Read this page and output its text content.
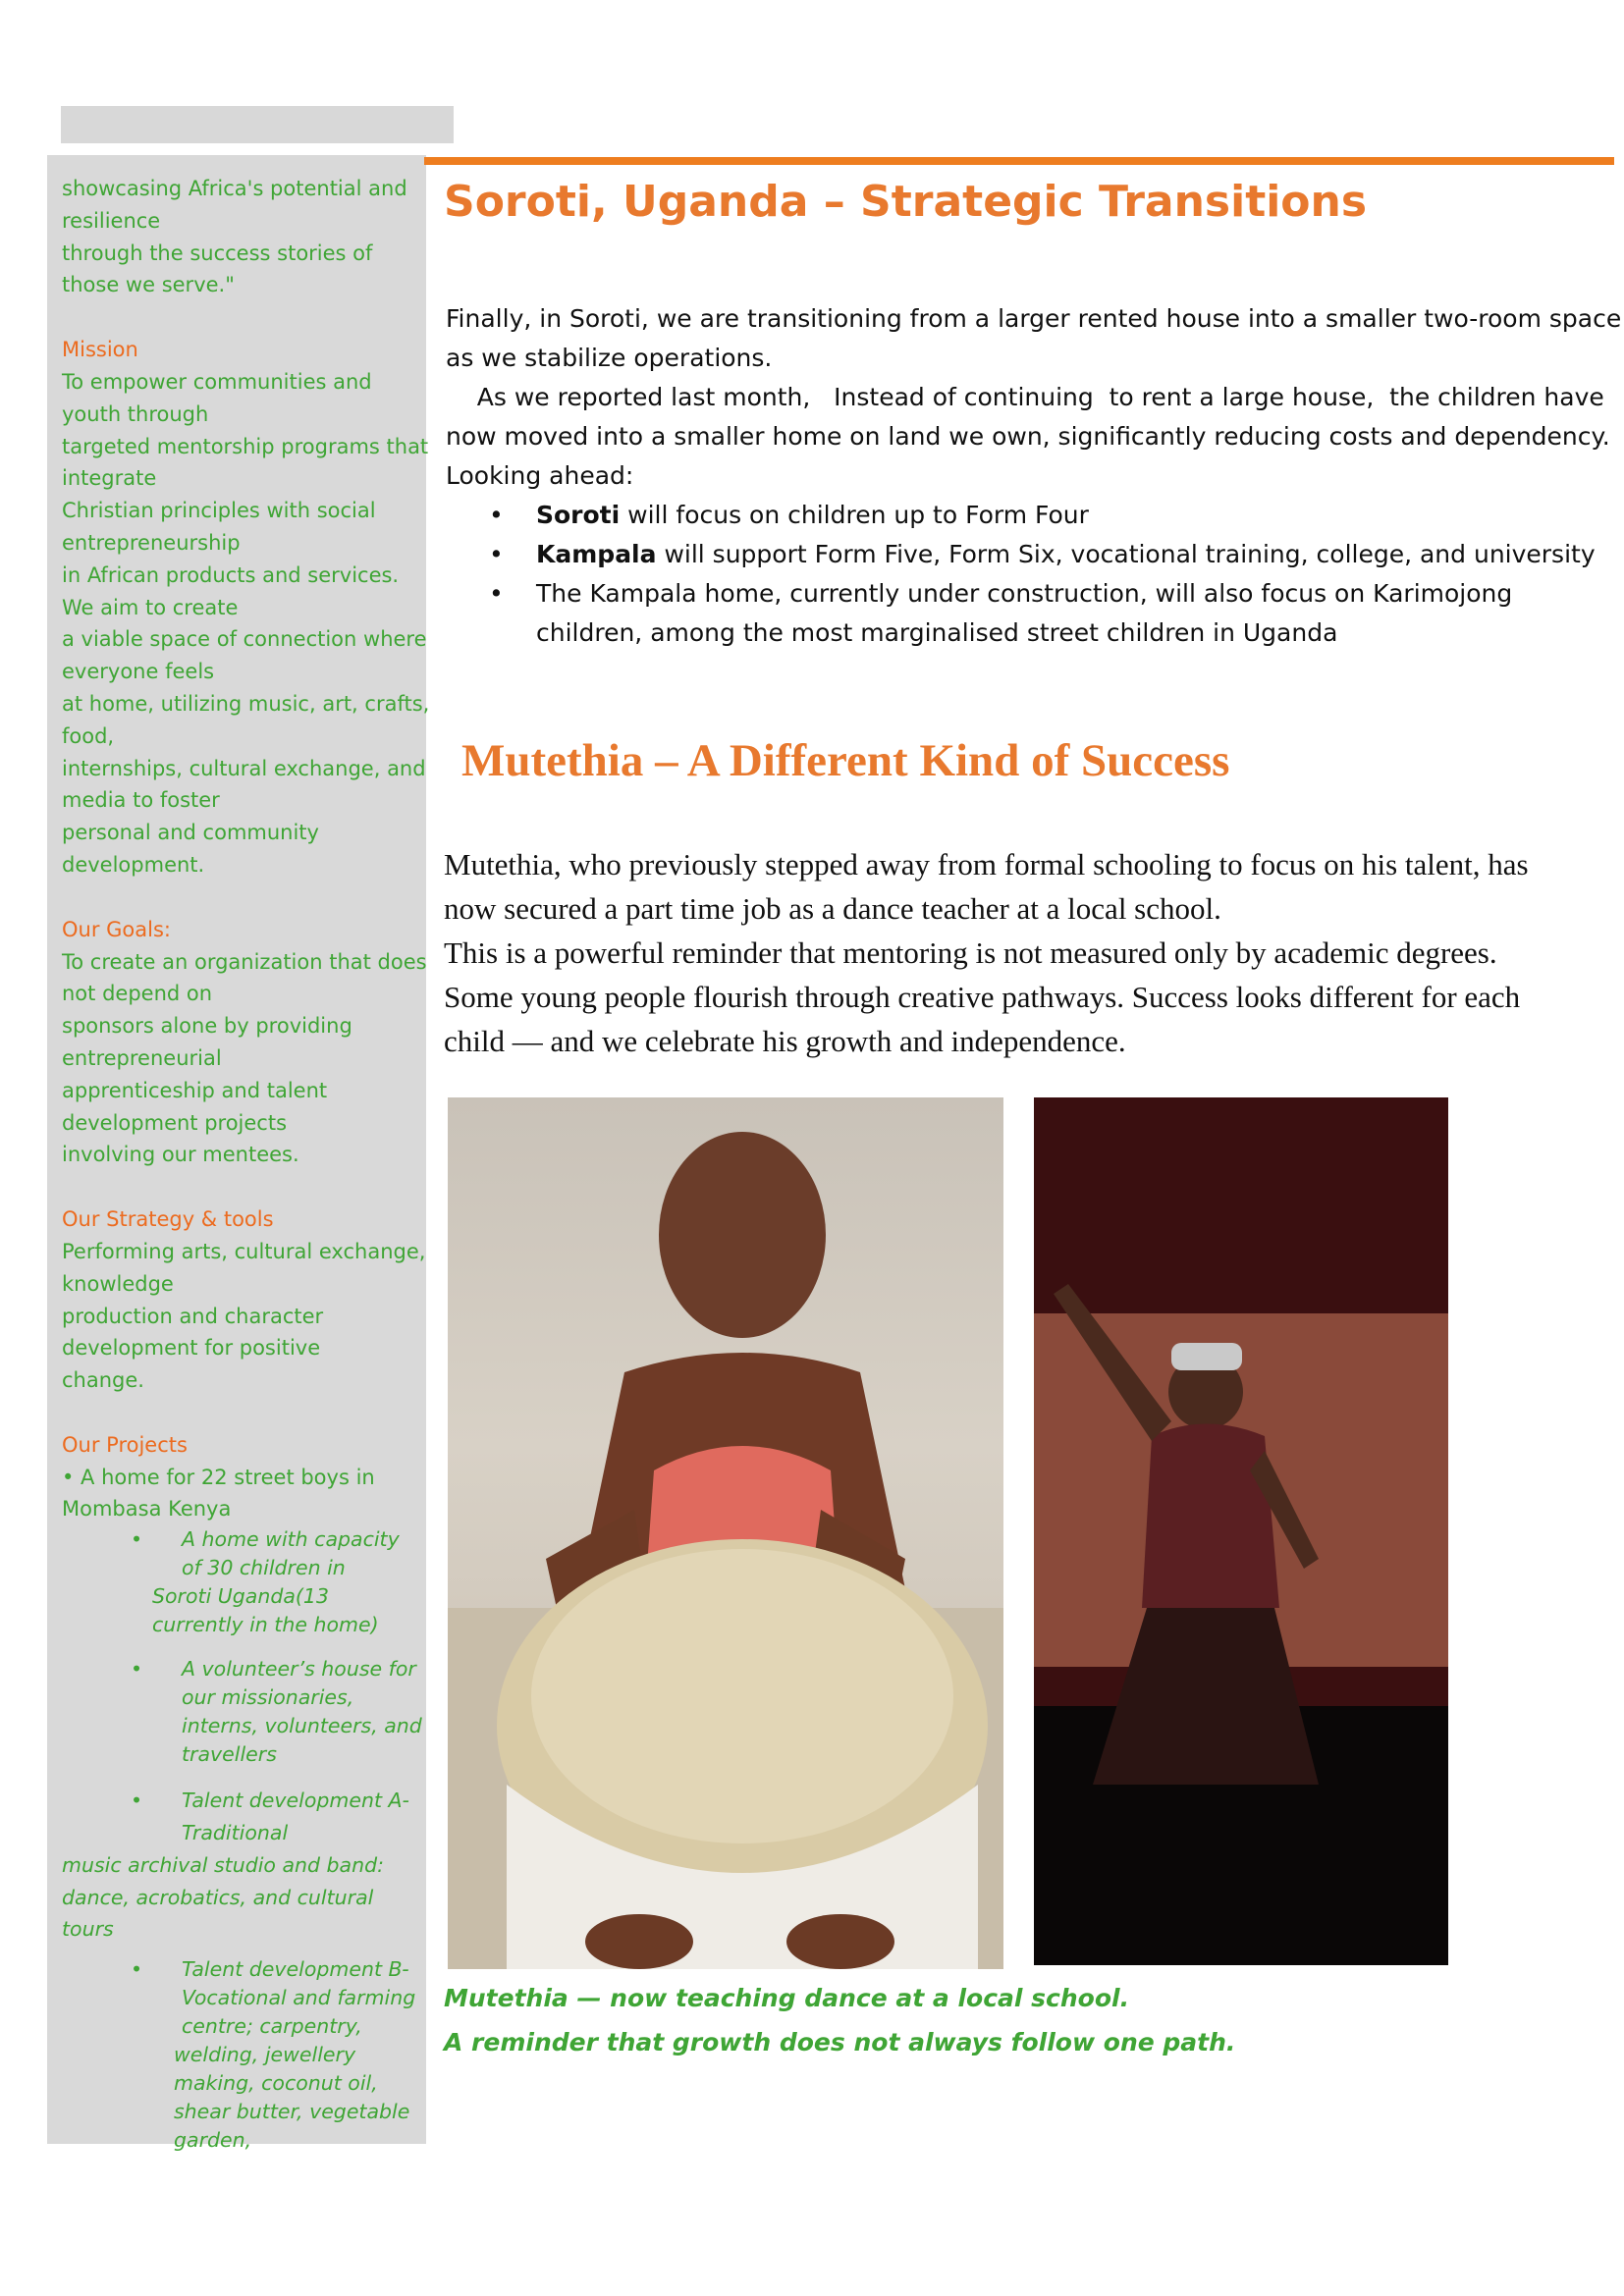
showcasing Africa's potential and
resilience
through the success stories of
those we serve."
Mission
To empower communities and
youth through
targeted mentorship programs that
integrate
Christian principles with social
entrepreneurship
in African products and services.
We aim to create
a viable space of connection where
everyone feels
at home, utilizing music, art, crafts,
food,
internships, cultural exchange, and
media to foster
personal and community
development.
Our Goals:
To create an organization that does
not depend on
sponsors alone by providing
entrepreneurial
apprenticeship and talent
development projects
involving our mentees.
Our Strategy & tools
Performing arts, cultural exchange,
knowledge
production and character
development for positive
change.
Our Projects
• A home for 22 street boys in
Mombasa Kenya
• A home with capacity
of 30 children in
Soroti Uganda(13
currently in the home)
• A volunteer’s house for
our missionaries,
interns, volunteers, and
travellers
• Talent development A-
Traditional
music archival studio and band:
dance, acrobatics, and cultural
tours
• Talent development B-
Vocational and farming
centre; carpentry,
welding, jewellery
making, coconut oil,
shear butter, vegetable
garden,
Soroti, Uganda – Strategic Transitions
Finally, in Soroti, we are transitioning from a larger rented house into a smaller two-room space
as we stabilize operations.
As we reported last month,   Instead of continuing  to rent a large house,  the children have
now moved into a smaller home on land we own, significantly reducing costs and dependency.
Looking ahead:
• Soroti will focus on children up to Form Four
• Kampala will support Form Five, Form Six, vocational training, college, and university
• The Kampala home, currently under construction, will also focus on Karimojong
children, among the most marginalised street children in Uganda
Mutethia – A Different Kind of Success
Mutethia, who previously stepped away from formal schooling to focus on his talent, has
now secured a part time job as a dance teacher at a local school.
This is a powerful reminder that mentoring is not measured only by academic degrees.
Some young people flourish through creative pathways. Success looks different for each
child — and we celebrate his growth and independence.
Mutethia — now teaching dance at a local school.
A reminder that growth does not always follow one path.
